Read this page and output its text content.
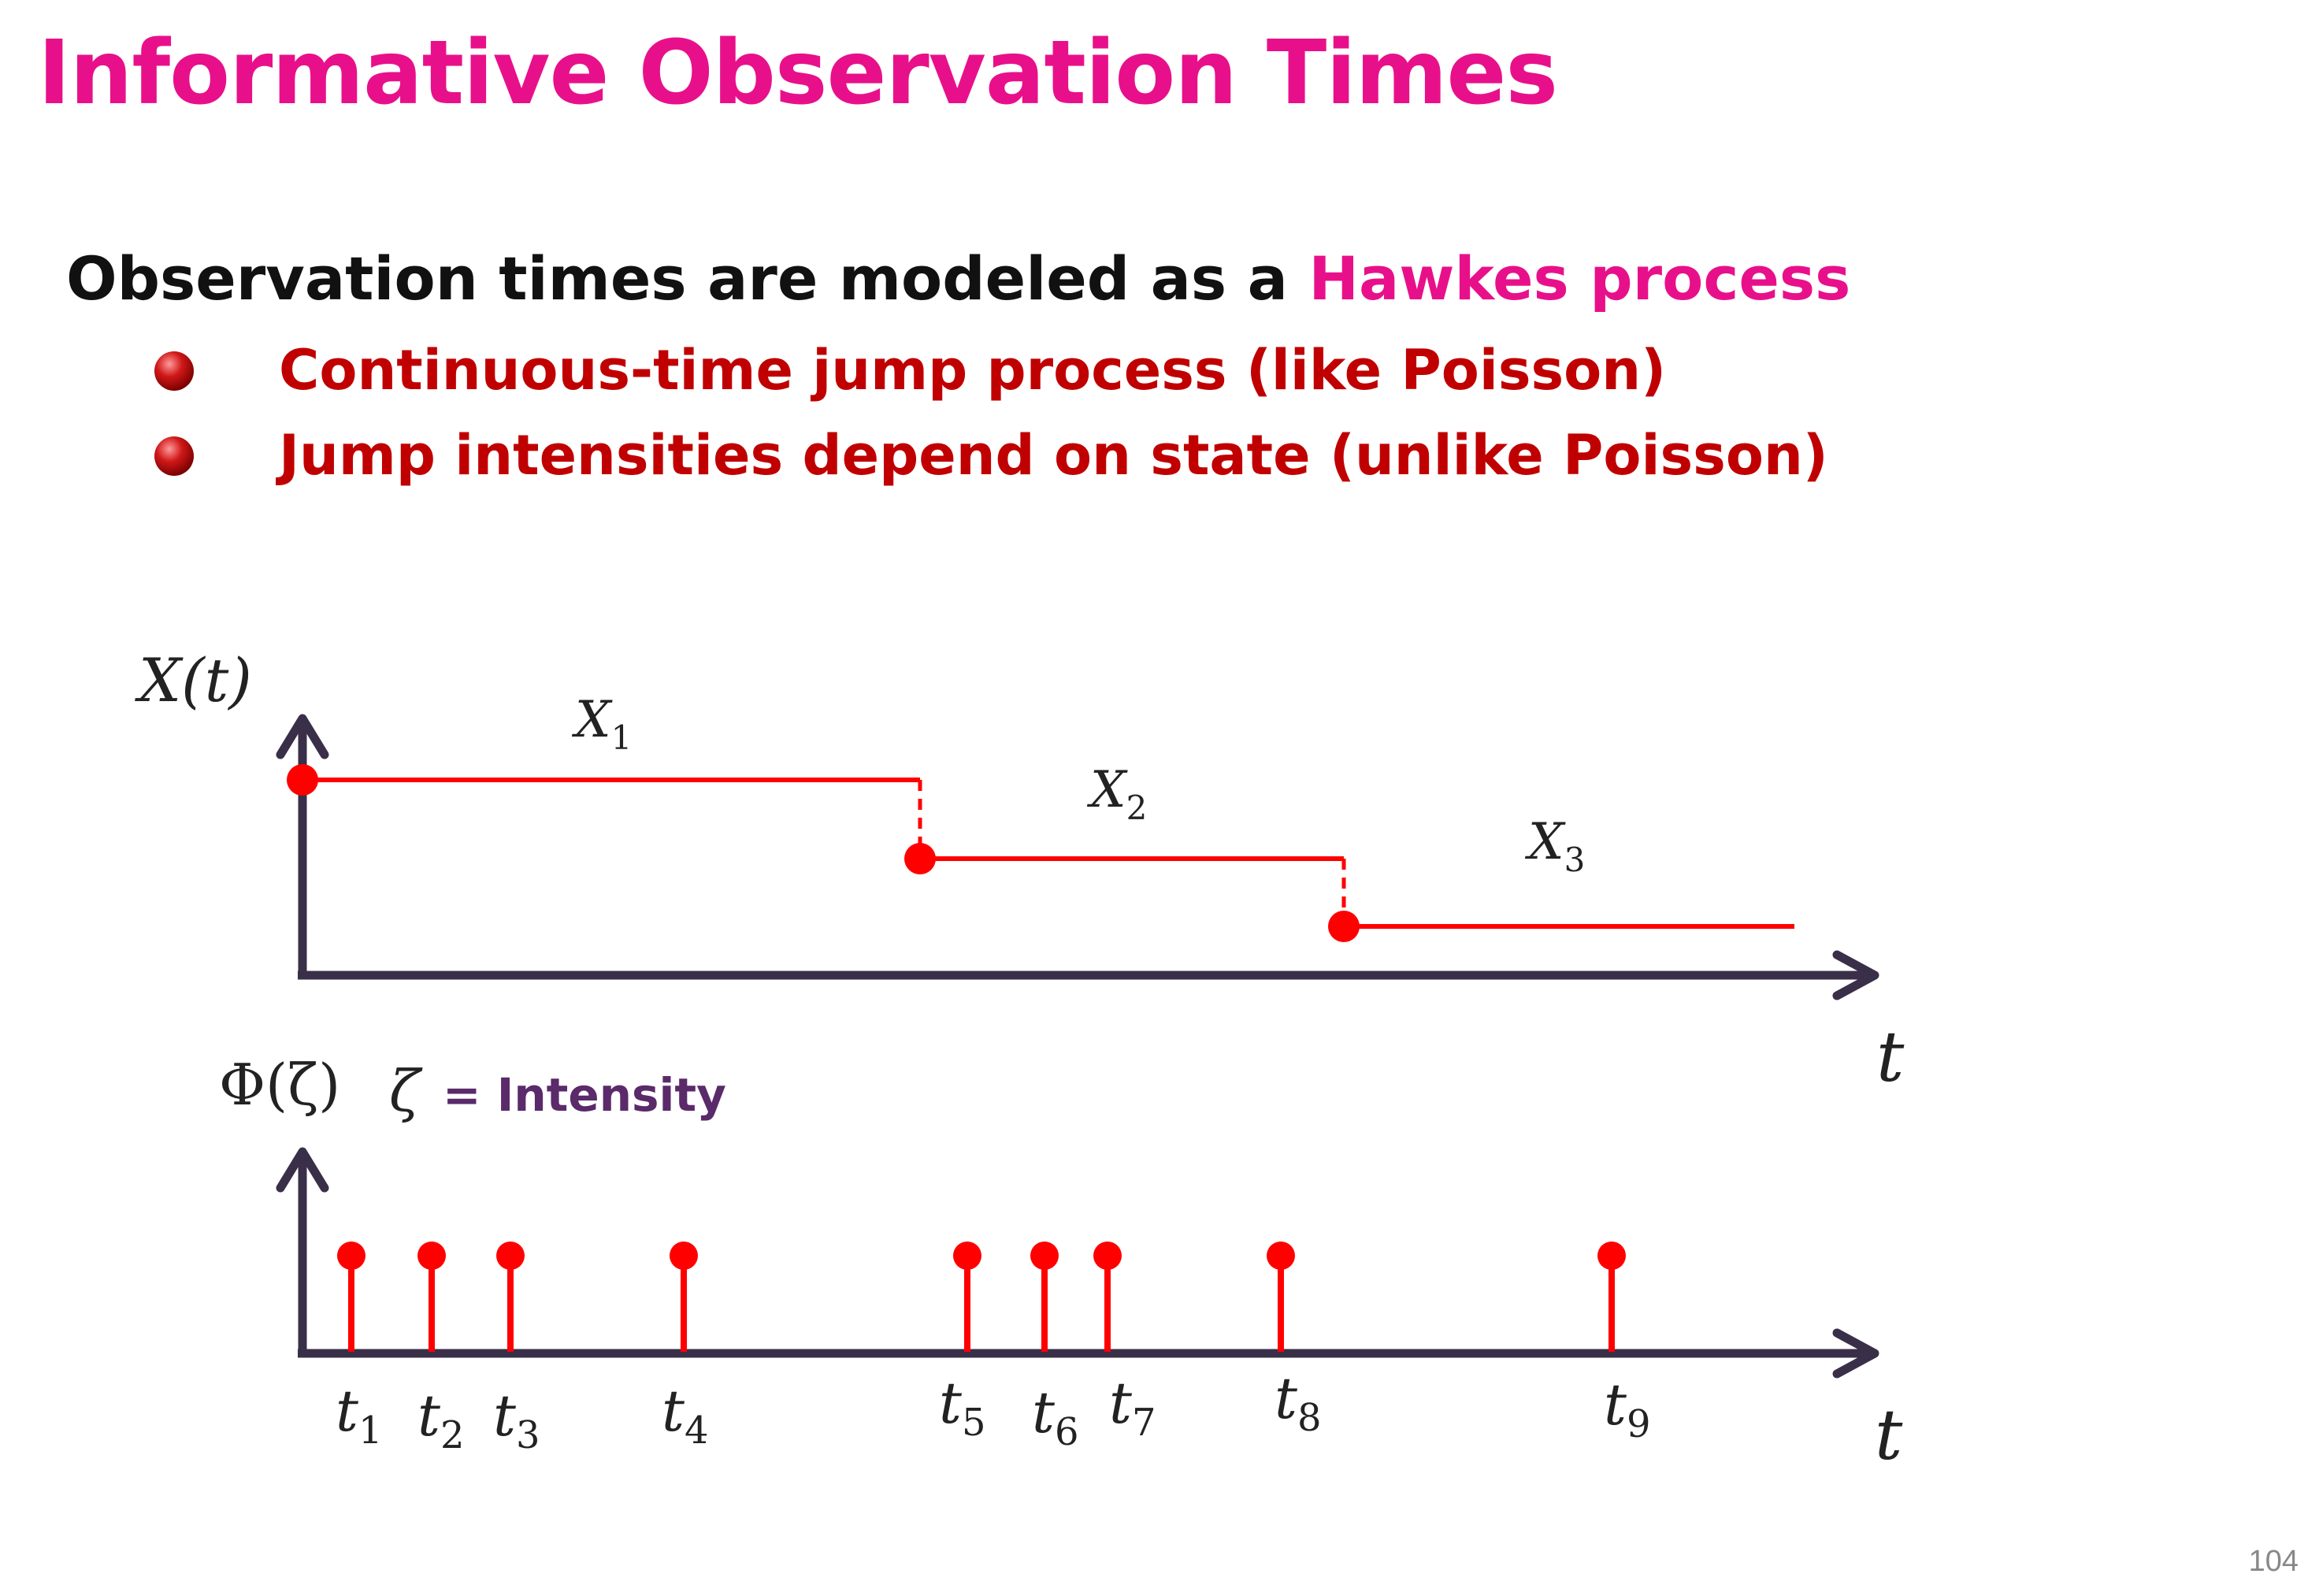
Informative Observation Times
Observation times are modeled as a Hawkes process
Continuous-time jump process (like Poisson)
Jump intensities depend on state (unlike Poisson)
X(t)
t
$X_1$
$X_2$
$X_3$
Φ(ζ) ζ = Intensity
t
$t_1$ $t_2$ $t_3$ $t_4$	$t_5$ $t_6$ $t_7$ $t_8$	$t_9$
104
